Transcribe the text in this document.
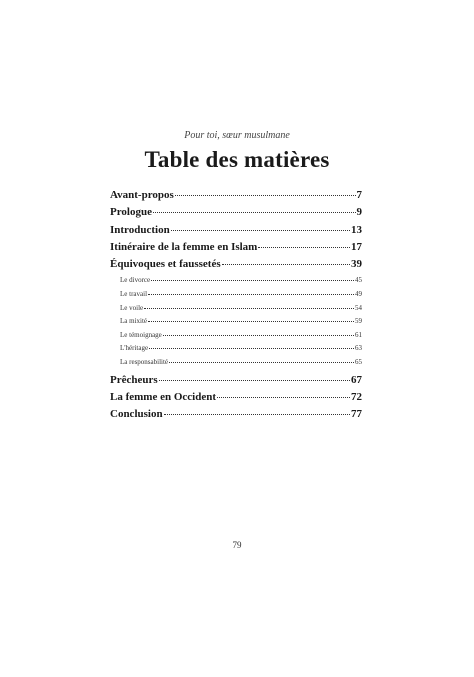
Pour toi, sœur musulmane
Table des matières
Avant-propos	7
Prologue	9
Introduction	13
Itinéraire de la femme en Islam	17
Équivoques et faussetés	39
Le divorce	45
Le travail	49
Le voile	54
La mixité	59
Le témoignage	61
L'héritage	63
La responsabilité	65
Prêcheurs	67
La femme en Occident	72
Conclusion	77
79
